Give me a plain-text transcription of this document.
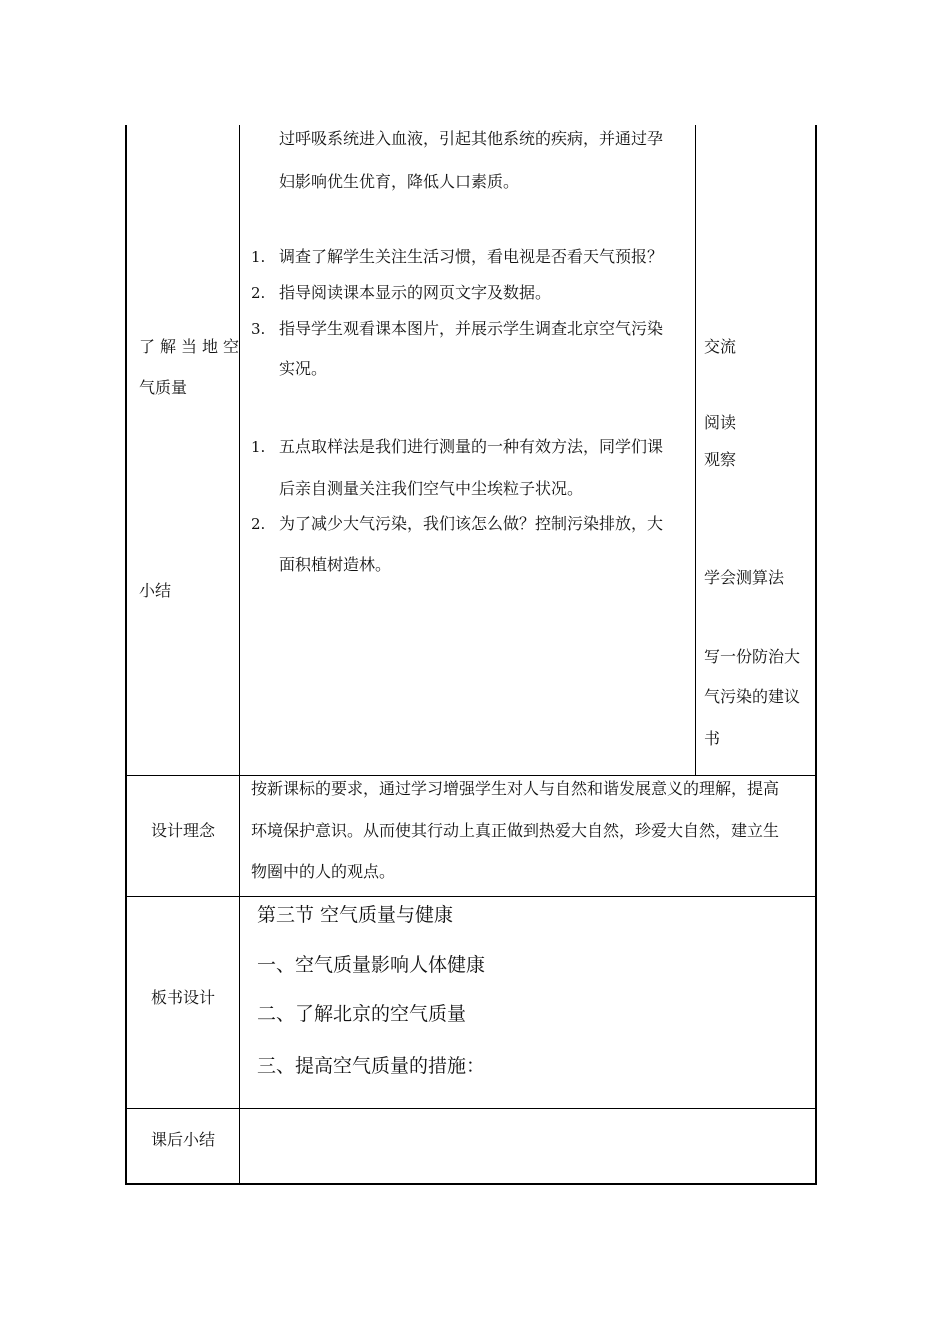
了解当地空
气质量
小结
过呼吸系统进入血液，引起其他系统的疾病，并通过孕
妇影响优生优育，降低人口素质。
1. 调查了解学生关注生活习惯，看电视是否看天气预报？
2. 指导阅读课本显示的网页文字及数据。
3. 指导学生观看课本图片，并展示学生调查北京空气污染
实况。
1. 五点取样法是我们进行测量的一种有效方法，同学们课
后亲自测量关注我们空气中尘埃粒子状况。
2. 为了减少大气污染，我们该怎么做？控制污染排放，大
面积植树造林。
交流
阅读
观察
学会测算法
写一份防治大
气污染的建议
书
设计理念
按新课标的要求，通过学习增强学生对人与自然和谐发展意义的理解，提高
环境保护意识。从而使其行动上真正做到热爱大自然，珍爱大自然，建立生
物圈中的人的观点。
板书设计
第三节 空气质量与健康
一、空气质量影响人体健康
二、了解北京的空气质量
三、提高空气质量的措施：
课后小结
